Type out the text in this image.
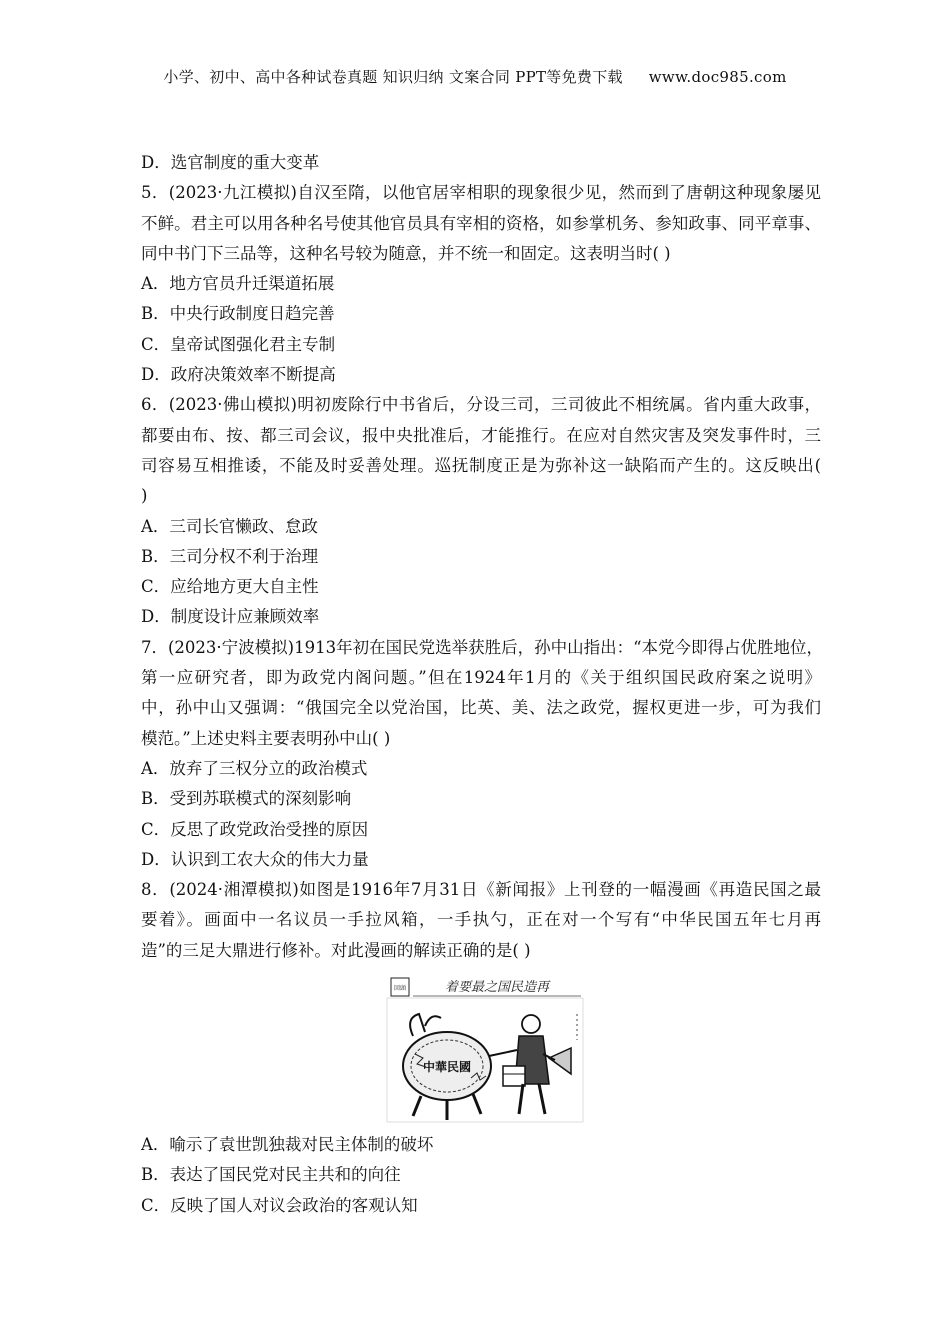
小学、初中、高中各种试卷真题 知识归纳 文案合同 PPT等免费下载 www.doc985.com
D．选官制度的重大变革
5．(2023·九江模拟)自汉至隋，以他官居宰相职的现象很少见，然而到了唐朝这种现象屡见
不鲜。君主可以用各种名号使其他官员具有宰相的资格，如参掌机务、参知政事、同平章事、
同中书门下三品等，这种名号较为随意，并不统一和固定。这表明当时( )
A．地方官员升迁渠道拓展
B．中央行政制度日趋完善
C．皇帝试图强化君主专制
D．政府决策效率不断提高
6．(2023·佛山模拟)明初废除行中书省后，分设三司，三司彼此不相统属。省内重大政事，
都要由布、按、都三司会议，报中央批准后，才能推行。在应对自然灾害及突发事件时，三
司容易互相推诿，不能及时妥善处理。巡抚制度正是为弥补这一缺陷而产生的。这反映出(
)
A．三司长官懒政、怠政
B．三司分权不利于治理
C．应给地方更大自主性
D．制度设计应兼顾效率
7．(2023·宁波模拟)1913年初在国民党选举获胜后，孙中山指出：“本党今即得占优胜地位，
第一应研究者，即为政党内阁问题。”但在1924年1月的《关于组织国民政府案之说明》
中，孙中山又强调：“俄国完全以党治国，比英、美、法之政党，握权更进一步，可为我们
模范。”上述史料主要表明孙中山( )
A．放弃了三权分立的政治模式
B．受到苏联模式的深刻影响
C．反思了政党政治受挫的原因
D．认识到工农大众的伟大力量
8．(2024·湘潭模拟)如图是1916年7月31日《新闻报》上刊登的一幅漫画《再造民国之最
要着》。画面中一名议员一手拉风箱，一手执勺，正在对一个写有“中华民国五年七月再
造”的三足大鼎进行修补。对此漫画的解读正确的是( )
回頭	着要最之国民造再
中華民國
A．喻示了袁世凯独裁对民主体制的破坏
B．表达了国民党对民主共和的向往
C．反映了国人对议会政治的客观认知
